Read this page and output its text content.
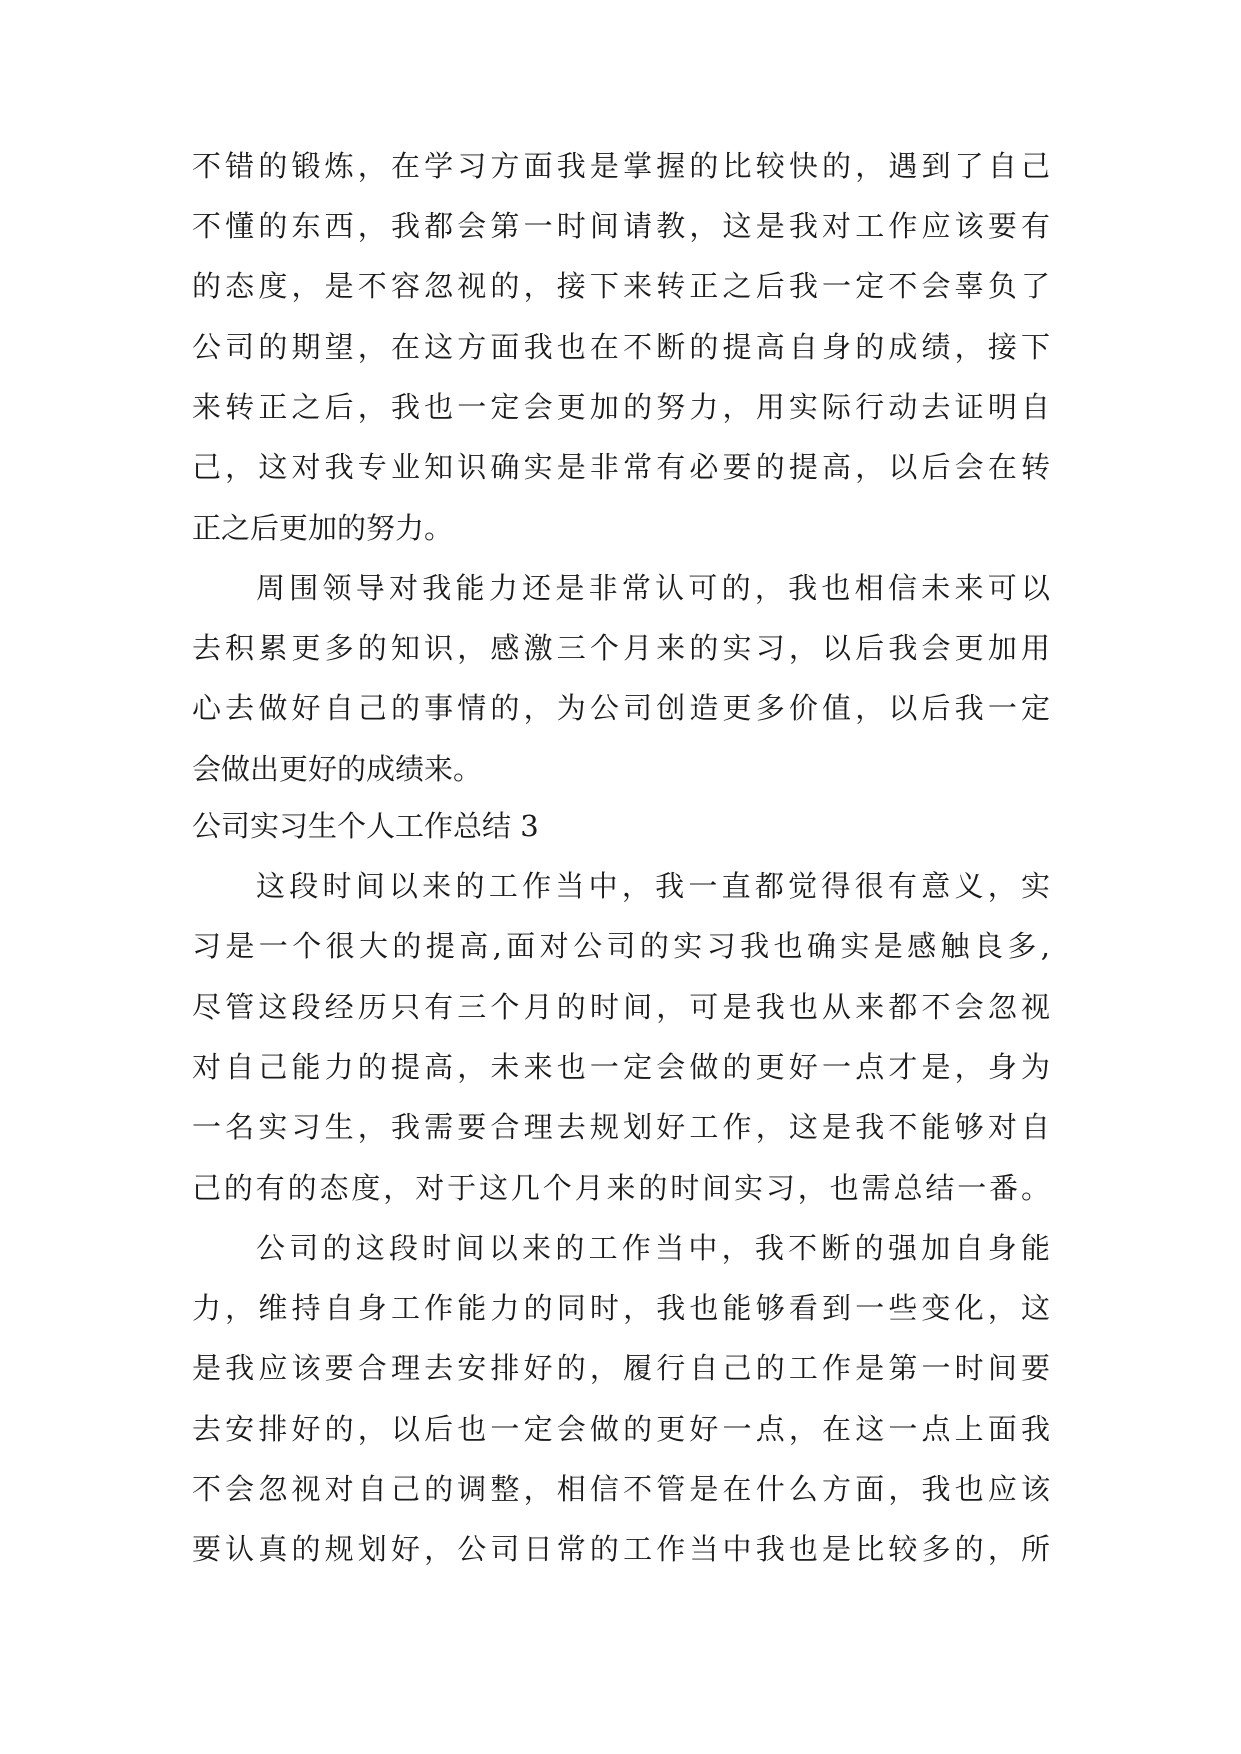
不错的锻炼，在学习方面我是掌握的比较快的，遇到了自己
不懂的东西，我都会第一时间请教，这是我对工作应该要有
的态度，是不容忽视的，接下来转正之后我一定不会辜负了
公司的期望，在这方面我也在不断的提高自身的成绩，接下
来转正之后，我也一定会更加的努力，用实际行动去证明自
己，这对我专业知识确实是非常有必要的提高，以后会在转
正之后更加的努力。
周围领导对我能力还是非常认可的，我也相信未来可以
去积累更多的知识，感激三个月来的实习，以后我会更加用
心去做好自己的事情的，为公司创造更多价值，以后我一定
会做出更好的成绩来。
公司实习生个人工作总结 3
这段时间以来的工作当中，我一直都觉得很有意义，实
习是一个很大的提高,面对公司的实习我也确实是感触良多,
尽管这段经历只有三个月的时间，可是我也从来都不会忽视
对自己能力的提高，未来也一定会做的更好一点才是，身为
一名实习生，我需要合理去规划好工作，这是我不能够对自
己的有的态度，对于这几个月来的时间实习，也需总结一番。
公司的这段时间以来的工作当中，我不断的强加自身能
力，维持自身工作能力的同时，我也能够看到一些变化，这
是我应该要合理去安排好的，履行自己的工作是第一时间要
去安排好的，以后也一定会做的更好一点，在这一点上面我
不会忽视对自己的调整，相信不管是在什么方面，我也应该
要认真的规划好，公司日常的工作当中我也是比较多的，所
